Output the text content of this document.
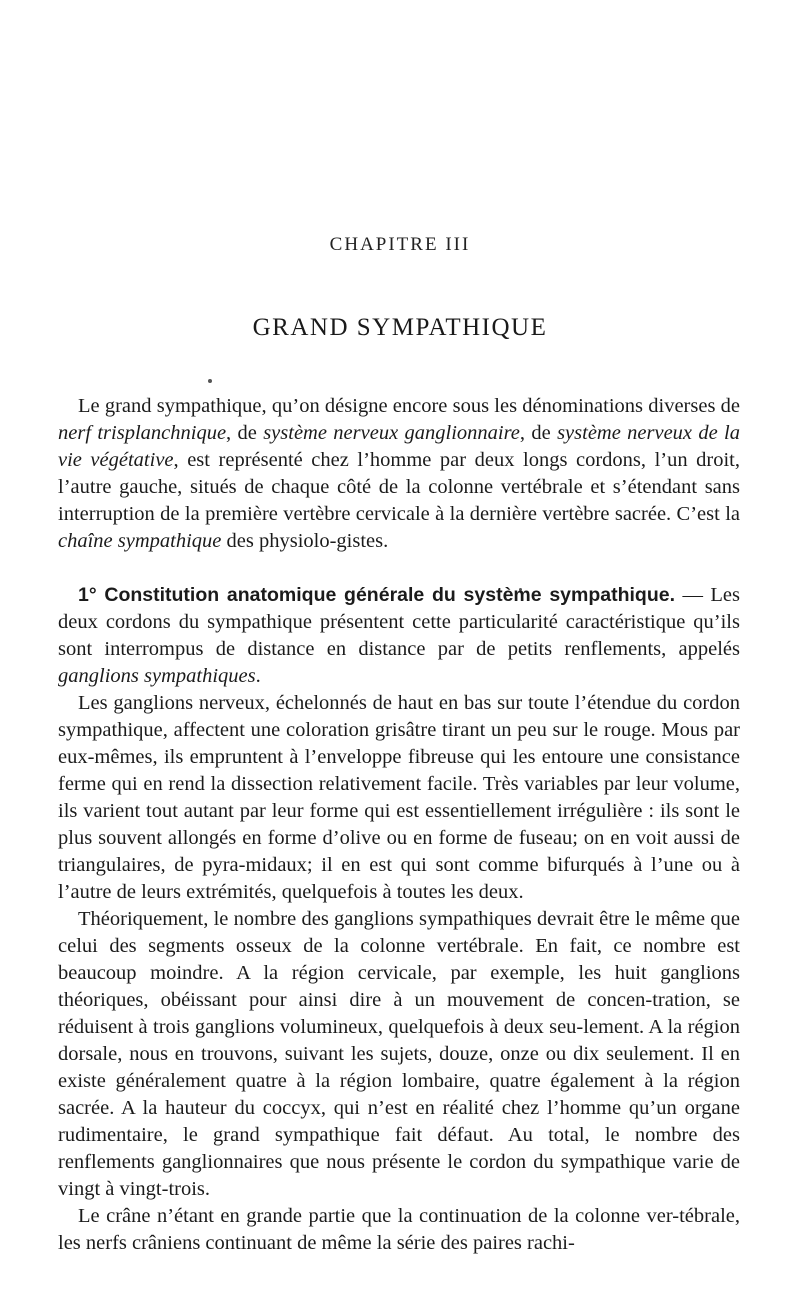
CHAPITRE III
GRAND SYMPATHIQUE

Le grand sympathique, qu’on désigne encore sous les dénominations diverses de nerf trisplanchnique, de système nerveux ganglionnaire, de système nerveux de la vie végétative, est représenté chez l’homme par deux longs cordons, l’un droit, l’autre gauche, situés de chaque côté de la colonne vertébrale et s’étendant sans interruption de la première vertèbre cervicale à la dernière vertèbre sacrée. C’est la chaîne sympathique des physiolo-gistes.

1° Constitution anatomique générale du système sympathique. — Les deux cordons du sympathique présentent cette particularité caractéristique qu’ils sont interrompus de distance en distance par de petits renflements, appelés ganglions sympathiques.

Les ganglions nerveux, échelonnés de haut en bas sur toute l’étendue du cordon sympathique, affectent une coloration grisâtre tirant un peu sur le rouge. Mous par eux-mêmes, ils empruntent à l’enveloppe fibreuse qui les entoure une consistance ferme qui en rend la dissection relativement facile. Très variables par leur volume, ils varient tout autant par leur forme qui est essentiellement irrégulière : ils sont le plus souvent allongés en forme d’olive ou en forme de fuseau; on en voit aussi de triangulaires, de pyra-midaux; il en est qui sont comme bifurqués à l’une ou à l’autre de leurs extrémités, quelquefois à toutes les deux.

Théoriquement, le nombre des ganglions sympathiques devrait être le même que celui des segments osseux de la colonne vertébrale. En fait, ce nombre est beaucoup moindre. A la région cervicale, par exemple, les huit ganglions théoriques, obéissant pour ainsi dire à un mouvement de concen-tration, se réduisent à trois ganglions volumineux, quelquefois à deux seu-lement. A la région dorsale, nous en trouvons, suivant les sujets, douze, onze ou dix seulement. Il en existe généralement quatre à la région lombaire, quatre également à la région sacrée. A la hauteur du coccyx, qui n’est en réalité chez l’homme qu’un organe rudimentaire, le grand sympathique fait défaut. Au total, le nombre des renflements ganglionnaires que nous présente le cordon du sympathique varie de vingt à vingt-trois.

Le crâne n’étant en grande partie que la continuation de la colonne ver-tébrale, les nerfs crâniens continuant de même la série des paires rachi-
